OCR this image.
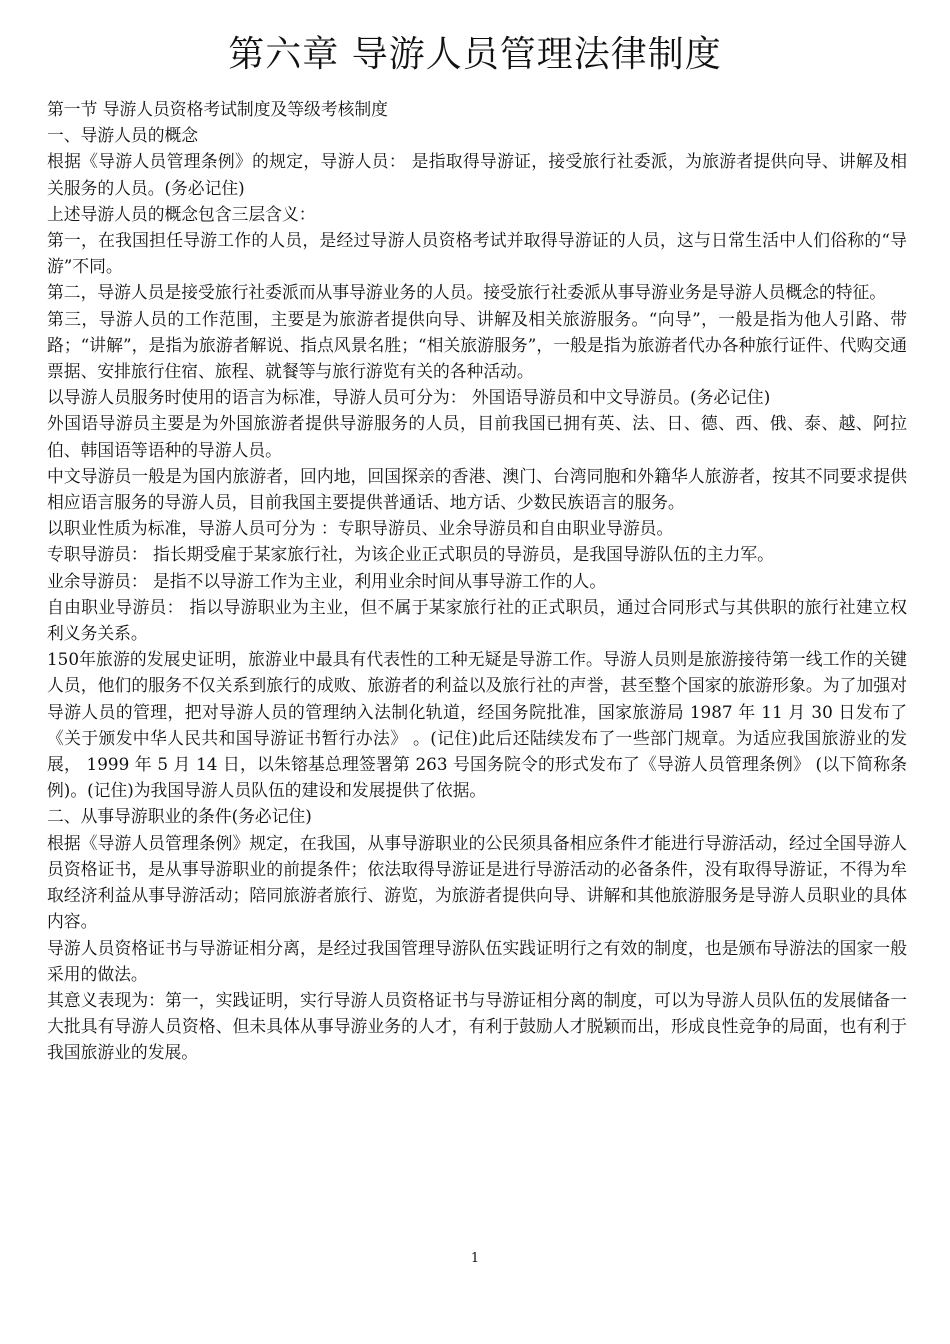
第六章 导游人员管理法律制度

第一节 导游人员资格考试制度及等级考核制度

一、导游人员的概念

根据《导游人员管理条例》的规定，导游人员： 是指取得导游证，接受旅行社委派，为旅游者提供向导、讲解及相关服务的人员。(务必记住)

上述导游人员的概念包含三层含义：

第一，在我国担任导游工作的人员，是经过导游人员资格考试并取得导游证的人员，这与日常生活中人们俗称的“导游”不同。

第二，导游人员是接受旅行社委派而从事导游业务的人员。接受旅行社委派从事导游业务是导游人员概念的特征。

第三，导游人员的工作范围，主要是为旅游者提供向导、讲解及相关旅游服务。“向导”，一般是指为他人引路、带路；“讲解”，是指为旅游者解说、指点风景名胜；“相关旅游服务”，一般是指为旅游者代办各种旅行证件、代购交通票据、安排旅行住宿、旅程、就餐等与旅行游览有关的各种活动。

以导游人员服务时使用的语言为标准，导游人员可分为： 外国语导游员和中文导游员。(务必记住)

外国语导游员主要是为外国旅游者提供导游服务的人员，目前我国已拥有英、法、日、德、西、俄、泰、越、阿拉伯、韩国语等语种的导游人员。

中文导游员一般是为国内旅游者，回内地，回国探亲的香港、澳门、台湾同胞和外籍华人旅游者，按其不同要求提供相应语言服务的导游人员，目前我国主要提供普通话、地方话、少数民族语言的服务。

以职业性质为标准，导游人员可分为 ：专职导游员、业余导游员和自由职业导游员。

专职导游员： 指长期受雇于某家旅行社，为该企业正式职员的导游员，是我国导游队伍的主力军。

业余导游员： 是指不以导游工作为主业，利用业余时间从事导游工作的人。

自由职业导游员： 指以导游职业为主业，但不属于某家旅行社的正式职员，通过合同形式与其供职的旅行社建立权利义务关系。

150年旅游的发展史证明，旅游业中最具有代表性的工种无疑是导游工作。导游人员则是旅游接待第一线工作的关键人员，他们的服务不仅关系到旅行的成败、旅游者的利益以及旅行社的声誉，甚至整个国家的旅游形象。为了加强对导游人员的管理，把对导游人员的管理纳入法制化轨道，经国务院批准，国家旅游局 1987 年 11 月 30 日发布了《关于颁发中华人民共和国导游证书暂行办法》 。(记住)此后还陆续发布了一些部门规章。为适应我国旅游业的发展， 1999 年 5 月 14 日，以朱镕基总理签署第 263 号国务院令的形式发布了《导游人员管理条例》 (以下简称条例)。(记住)为我国导游人员队伍的建设和发展提供了依据。

二、从事导游职业的条件(务必记住)

根据《导游人员管理条例》规定，在我国，从事导游职业的公民须具备相应条件才能进行导游活动，经过全国导游人员资格证书，是从事导游职业的前提条件；依法取得导游证是进行导游活动的必备条件，没有取得导游证，不得为牟取经济利益从事导游活动；陪同旅游者旅行、游览，为旅游者提供向导、讲解和其他旅游服务是导游人员职业的具体内容。

导游人员资格证书与导游证相分离，是经过我国管理导游队伍实践证明行之有效的制度，也是颁布导游法的国家一般采用的做法。

其意义表现为：第一，实践证明，实行导游人员资格证书与导游证相分离的制度，可以为导游人员队伍的发展储备一大批具有导游人员资格、但未具体从事导游业务的人才，有利于鼓励人才脱颖而出，形成良性竞争的局面，也有利于我国旅游业的发展。

1
